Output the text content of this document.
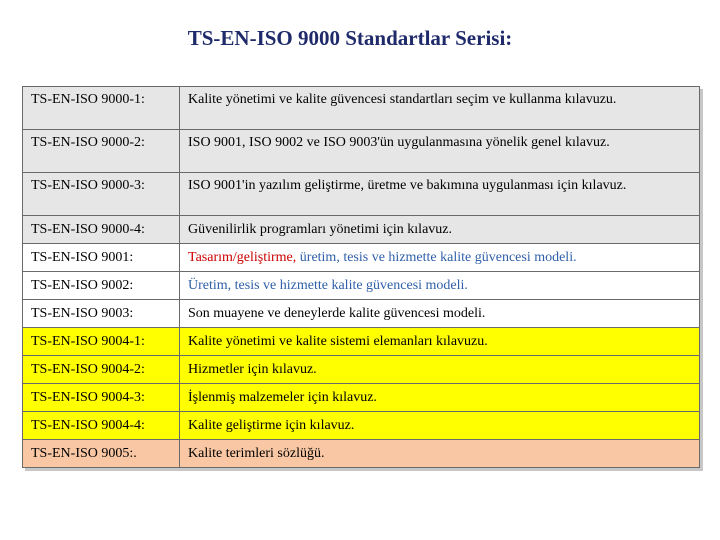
TS-EN-ISO 9000 Standartlar Serisi:
TS-EN-ISO 9000-1:	Kalite yönetimi ve kalite güvencesi standartları seçim ve kullanma kılavuzu.
TS-EN-ISO 9000-2:	ISO 9001, ISO 9002 ve ISO 9003'ün uygulanmasına yönelik genel kılavuz.
TS-EN-ISO 9000-3:	ISO 9001'in yazılım geliştirme, üretme ve bakımına uygulanması için kılavuz.
TS-EN-ISO 9000-4:	Güvenilirlik programları yönetimi için kılavuz.
TS-EN-ISO 9001:	Tasarım/geliştirme, üretim, tesis ve hizmette kalite güvencesi modeli.
TS-EN-ISO 9002:	Üretim, tesis ve hizmette kalite güvencesi modeli.
TS-EN-ISO 9003:	Son muayene ve deneylerde kalite güvencesi modeli.
TS-EN-ISO 9004-1:	Kalite yönetimi ve kalite sistemi elemanları kılavuzu.
TS-EN-ISO 9004-2:	Hizmetler için kılavuz.
TS-EN-ISO 9004-3:	İşlenmiş malzemeler için kılavuz.
TS-EN-ISO 9004-4:	Kalite geliştirme için kılavuz.
TS-EN-ISO 9005:.	Kalite terimleri sözlüğü.
